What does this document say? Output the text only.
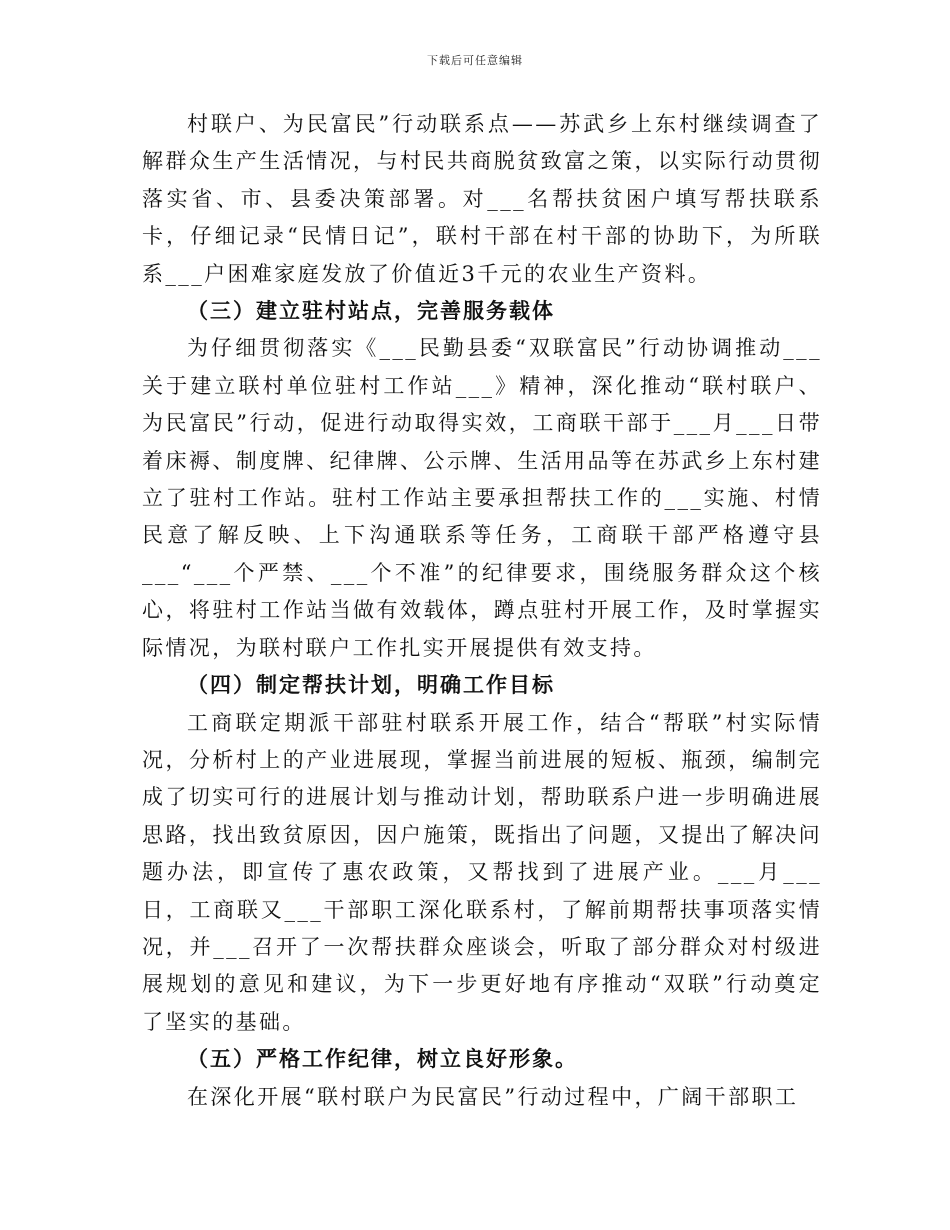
下载后可任意编辑

村联户、为民富民”行动联系点——苏武乡上东村继续调查了解群众生产生活情况，与村民共商脱贫致富之策，以实际行动贯彻落实省、市、县委决策部署。对___名帮扶贫困户填写帮扶联系卡，仔细记录“民情日记”，联村干部在村干部的协助下，为所联系___户困难家庭发放了价值近3千元的农业生产资料。

（三）建立驻村站点，完善服务载体

为仔细贯彻落实《___民勤县委“双联富民”行动协调推动___关于建立联村单位驻村工作站___》精神，深化推动“联村联户、为民富民”行动，促进行动取得实效，工商联干部于___月___日带着床褥、制度牌、纪律牌、公示牌、生活用品等在苏武乡上东村建立了驻村工作站。驻村工作站主要承担帮扶工作的___实施、村情民意了解反映、上下沟通联系等任务，工商联干部严格遵守县___“___个严禁、___个不准”的纪律要求，围绕服务群众这个核心，将驻村工作站当做有效载体，蹲点驻村开展工作，及时掌握实际情况，为联村联户工作扎实开展提供有效支持。

（四）制定帮扶计划，明确工作目标

工商联定期派干部驻村联系开展工作，结合“帮联”村实际情况，分析村上的产业进展现，掌握当前进展的短板、瓶颈，编制完成了切实可行的进展计划与推动计划，帮助联系户进一步明确进展思路，找出致贫原因，因户施策，既指出了问题，又提出了解决问题办法，即宣传了惠农政策，又帮找到了进展产业。___月___日，工商联又___干部职工深化联系村，了解前期帮扶事项落实情况，并___召开了一次帮扶群众座谈会，听取了部分群众对村级进展规划的意见和建议，为下一步更好地有序推动“双联”行动奠定了坚实的基础。

（五）严格工作纪律，树立良好形象。

在深化开展“联村联户为民富民”行动过程中，广阔干部职工
